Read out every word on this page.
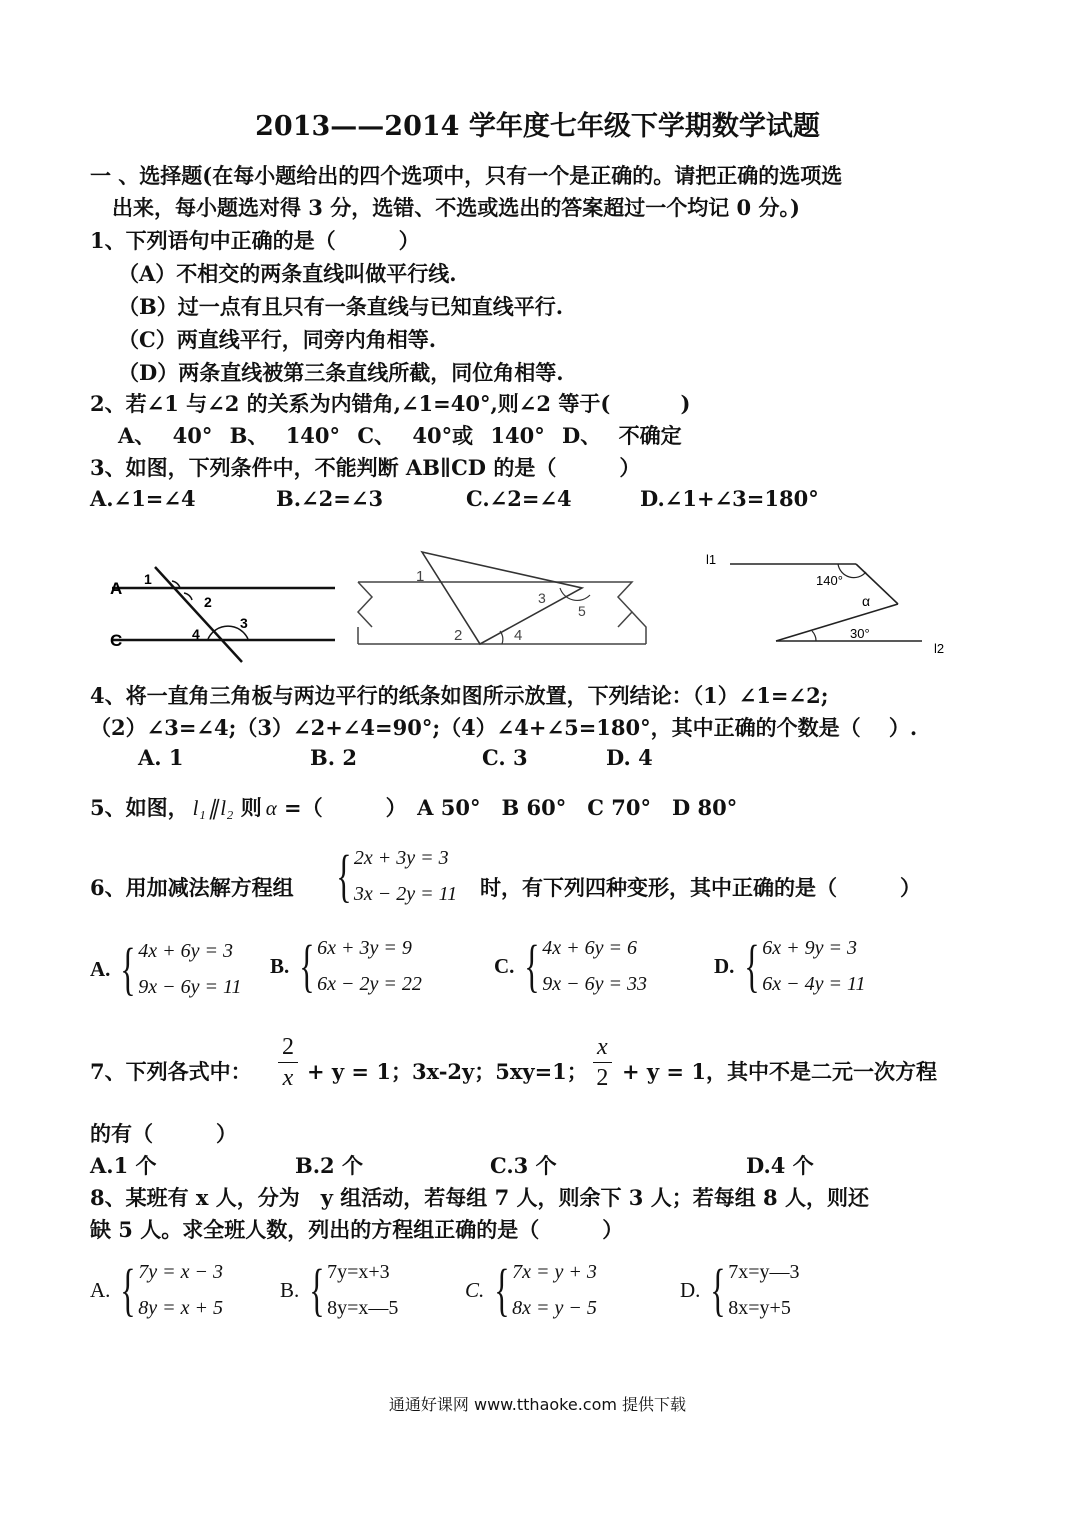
2013——2014 学年度七年级下学期数学试题
一 、选择题(在每小题给出的四个选项中，只有一个是正确的。请把正确的选项选
出来，每小题选对得 3 分，选错、不选或选出的答案超过一个均记 0 分。)
1、下列语句中正确的是（　　　）
（A）不相交的两条直线叫做平行线.
（B）过一点有且只有一条直线与已知直线平行.
（C）两直线平行，同旁内角相等.
（D）两条直线被第三条直线所截，同位角相等.
2、若∠1 与∠2 的关系为内错角,∠1=40°,则∠2 等于(　　　 )
A、 40° B、 140° C、 40°或 140° D、 不确定
3、如图，下列条件中，不能判断 AB∥CD 的是（　　　）
A.∠1=∠4	B.∠2=∠3	C.∠2=∠4	D.∠1+∠3=180°
A 1
2
C	4
3
1
3
5
2	4
l1
140°
α
30°
l2
4、将一直角三角板与两边平行的纸条如图所示放置，下列结论：（1）∠1=∠2;
（2）∠3=∠4;（3）∠2+∠4=90°;（4）∠4+∠5=180°，其中正确的个数是（　 ）.
A. 1	B. 2	C. 3	D. 4
5、如图， l₁∥l₂ 则 α =（　　　）　A 50°　B 60°　C 70°　D 80°
6、用加减法解方程组 { 2x + 3y = 3
3x − 2y = 11 时，有下列四种变形，其中正确的是（　　　）
A. { 4x + 6y = 3
9x − 6y = 11
B. { 6x + 3y = 9
6x − 2y = 22
C. { 4x + 6y = 6
9x − 6y = 33
D. { 6x + 9y = 3
6x − 4y = 11
7、下列各式中： $\frac{2}{x} + y = 1$；3x-2y；5xy=1； $\frac{x}{2} + y = 1$，其中不是二元一次方程
的有（　　　）
A.1 个	B.2 个	C.3 个	D.4 个
8、某班有 x 人，分为　y 组活动，若每组 7 人，则余下 3 人；若每组 8 人，则还
缺 5 人。求全班人数，列出的方程组正确的是（　　　）
A. { 7y = x − 3
8y = x + 5
B. { 7y=x+3
8y=x—5
C. { 7x = y + 3
8x = y − 5
D. { 7x=y—3
8x=y+5
通通好课网 www.tthaoke.com 提供下载
